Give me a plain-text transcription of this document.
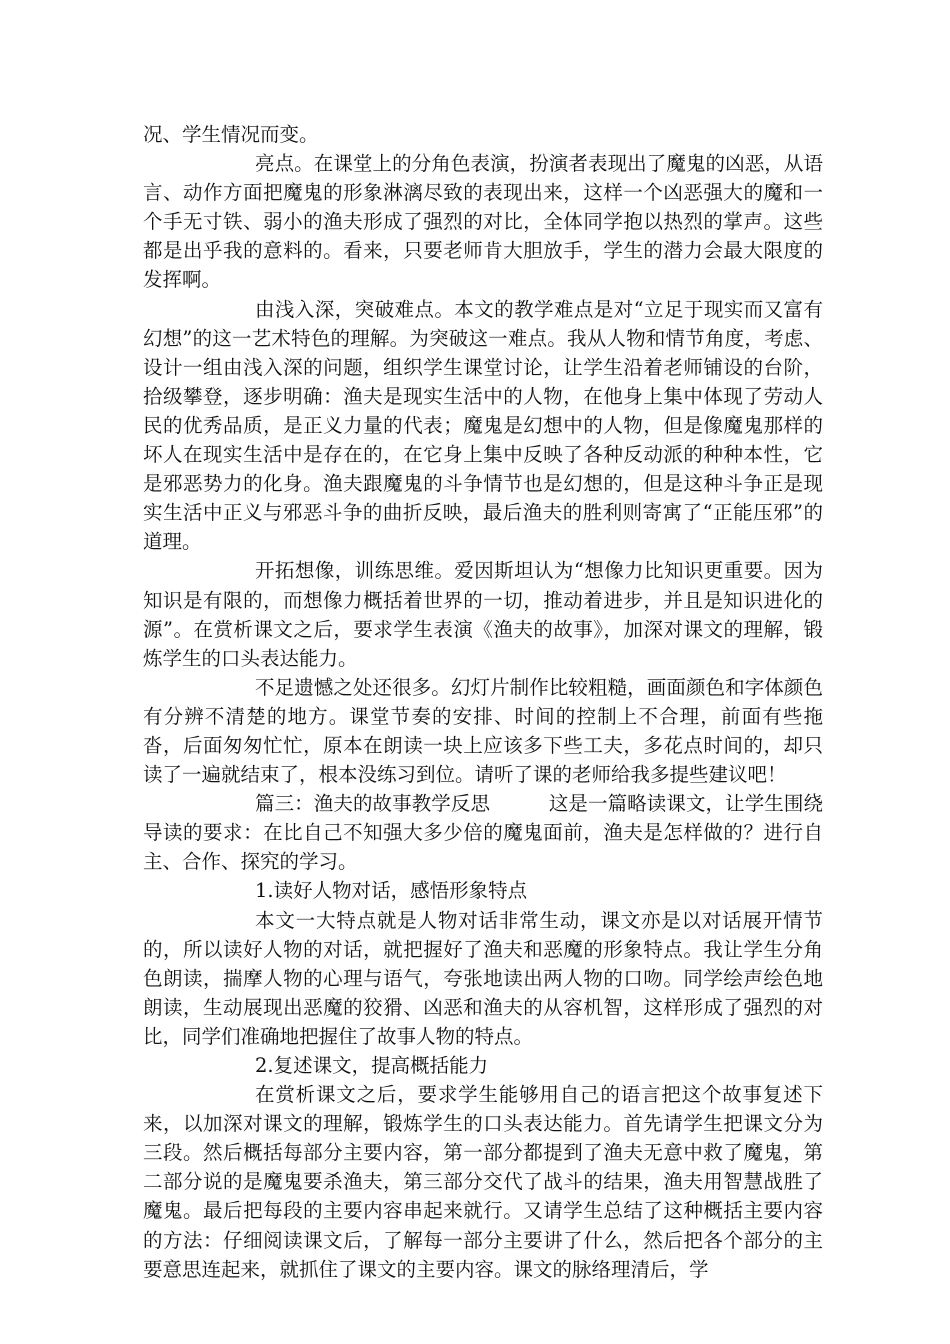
况、学生情况而变。

亮点。在课堂上的分角色表演，扮演者表现出了魔鬼的凶恶，从语言、动作方面把魔鬼的形象淋漓尽致的表现出来，这样一个凶恶强大的魔和一个手无寸铁、弱小的渔夫形成了强烈的对比，全体同学抱以热烈的掌声。这些都是出乎我的意料的。看来，只要老师肯大胆放手，学生的潜力会最大限度的发挥啊。

由浅入深，突破难点。本文的教学难点是对“立足于现实而又富有幻想”的这一艺术特色的理解。为突破这一难点。我从人物和情节角度，考虑、设计一组由浅入深的问题，组织学生课堂讨论，让学生沿着老师铺设的台阶，拾级攀登，逐步明确：渔夫是现实生活中的人物，在他身上集中体现了劳动人民的优秀品质，是正义力量的代表；魔鬼是幻想中的人物，但是像魔鬼那样的坏人在现实生活中是存在的，在它身上集中反映了各种反动派的种种本性，它是邪恶势力的化身。渔夫跟魔鬼的斗争情节也是幻想的，但是这种斗争正是现实生活中正义与邪恶斗争的曲折反映，最后渔夫的胜利则寄寓了“正能压邪”的道理。

开拓想像，训练思维。爱因斯坦认为“想像力比知识更重要。因为知识是有限的，而想像力概括着世界的一切，推动着进步，并且是知识进化的源”。在赏析课文之后，要求学生表演《渔夫的故事》，加深对课文的理解，锻炼学生的口头表达能力。

不足遗憾之处还很多。幻灯片制作比较粗糙，画面颜色和字体颜色有分辨不清楚的地方。课堂节奏的安排、时间的控制上不合理，前面有些拖沓，后面匆匆忙忙，原本在朗读一块上应该多下些工夫，多花点时间的，却只读了一遍就结束了，根本没练习到位。请听了课的老师给我多提些建议吧！

篇三：渔夫的故事教学反思　　　这是一篇略读课文，让学生围绕导读的要求：在比自己不知强大多少倍的魔鬼面前，渔夫是怎样做的？进行自主、合作、探究的学习。

1.读好人物对话，感悟形象特点

本文一大特点就是人物对话非常生动，课文亦是以对话展开情节的，所以读好人物的对话，就把握好了渔夫和恶魔的形象特点。我让学生分角色朗读，揣摩人物的心理与语气，夸张地读出两人物的口吻。同学绘声绘色地朗读，生动展现出恶魔的狡猾、凶恶和渔夫的从容机智，这样形成了强烈的对比，同学们准确地把握住了故事人物的特点。

2.复述课文，提高概括能力

在赏析课文之后，要求学生能够用自己的语言把这个故事复述下来，以加深对课文的理解，锻炼学生的口头表达能力。首先请学生把课文分为三段。然后概括每部分主要内容，第一部分都提到了渔夫无意中救了魔鬼，第二部分说的是魔鬼要杀渔夫，第三部分交代了战斗的结果，渔夫用智慧战胜了魔鬼。最后把每段的主要内容串起来就行。又请学生总结了这种概括主要内容的方法：仔细阅读课文后，了解每一部分主要讲了什么，然后把各个部分的主要意思连起来，就抓住了课文的主要内容。课文的脉络理清后，学
